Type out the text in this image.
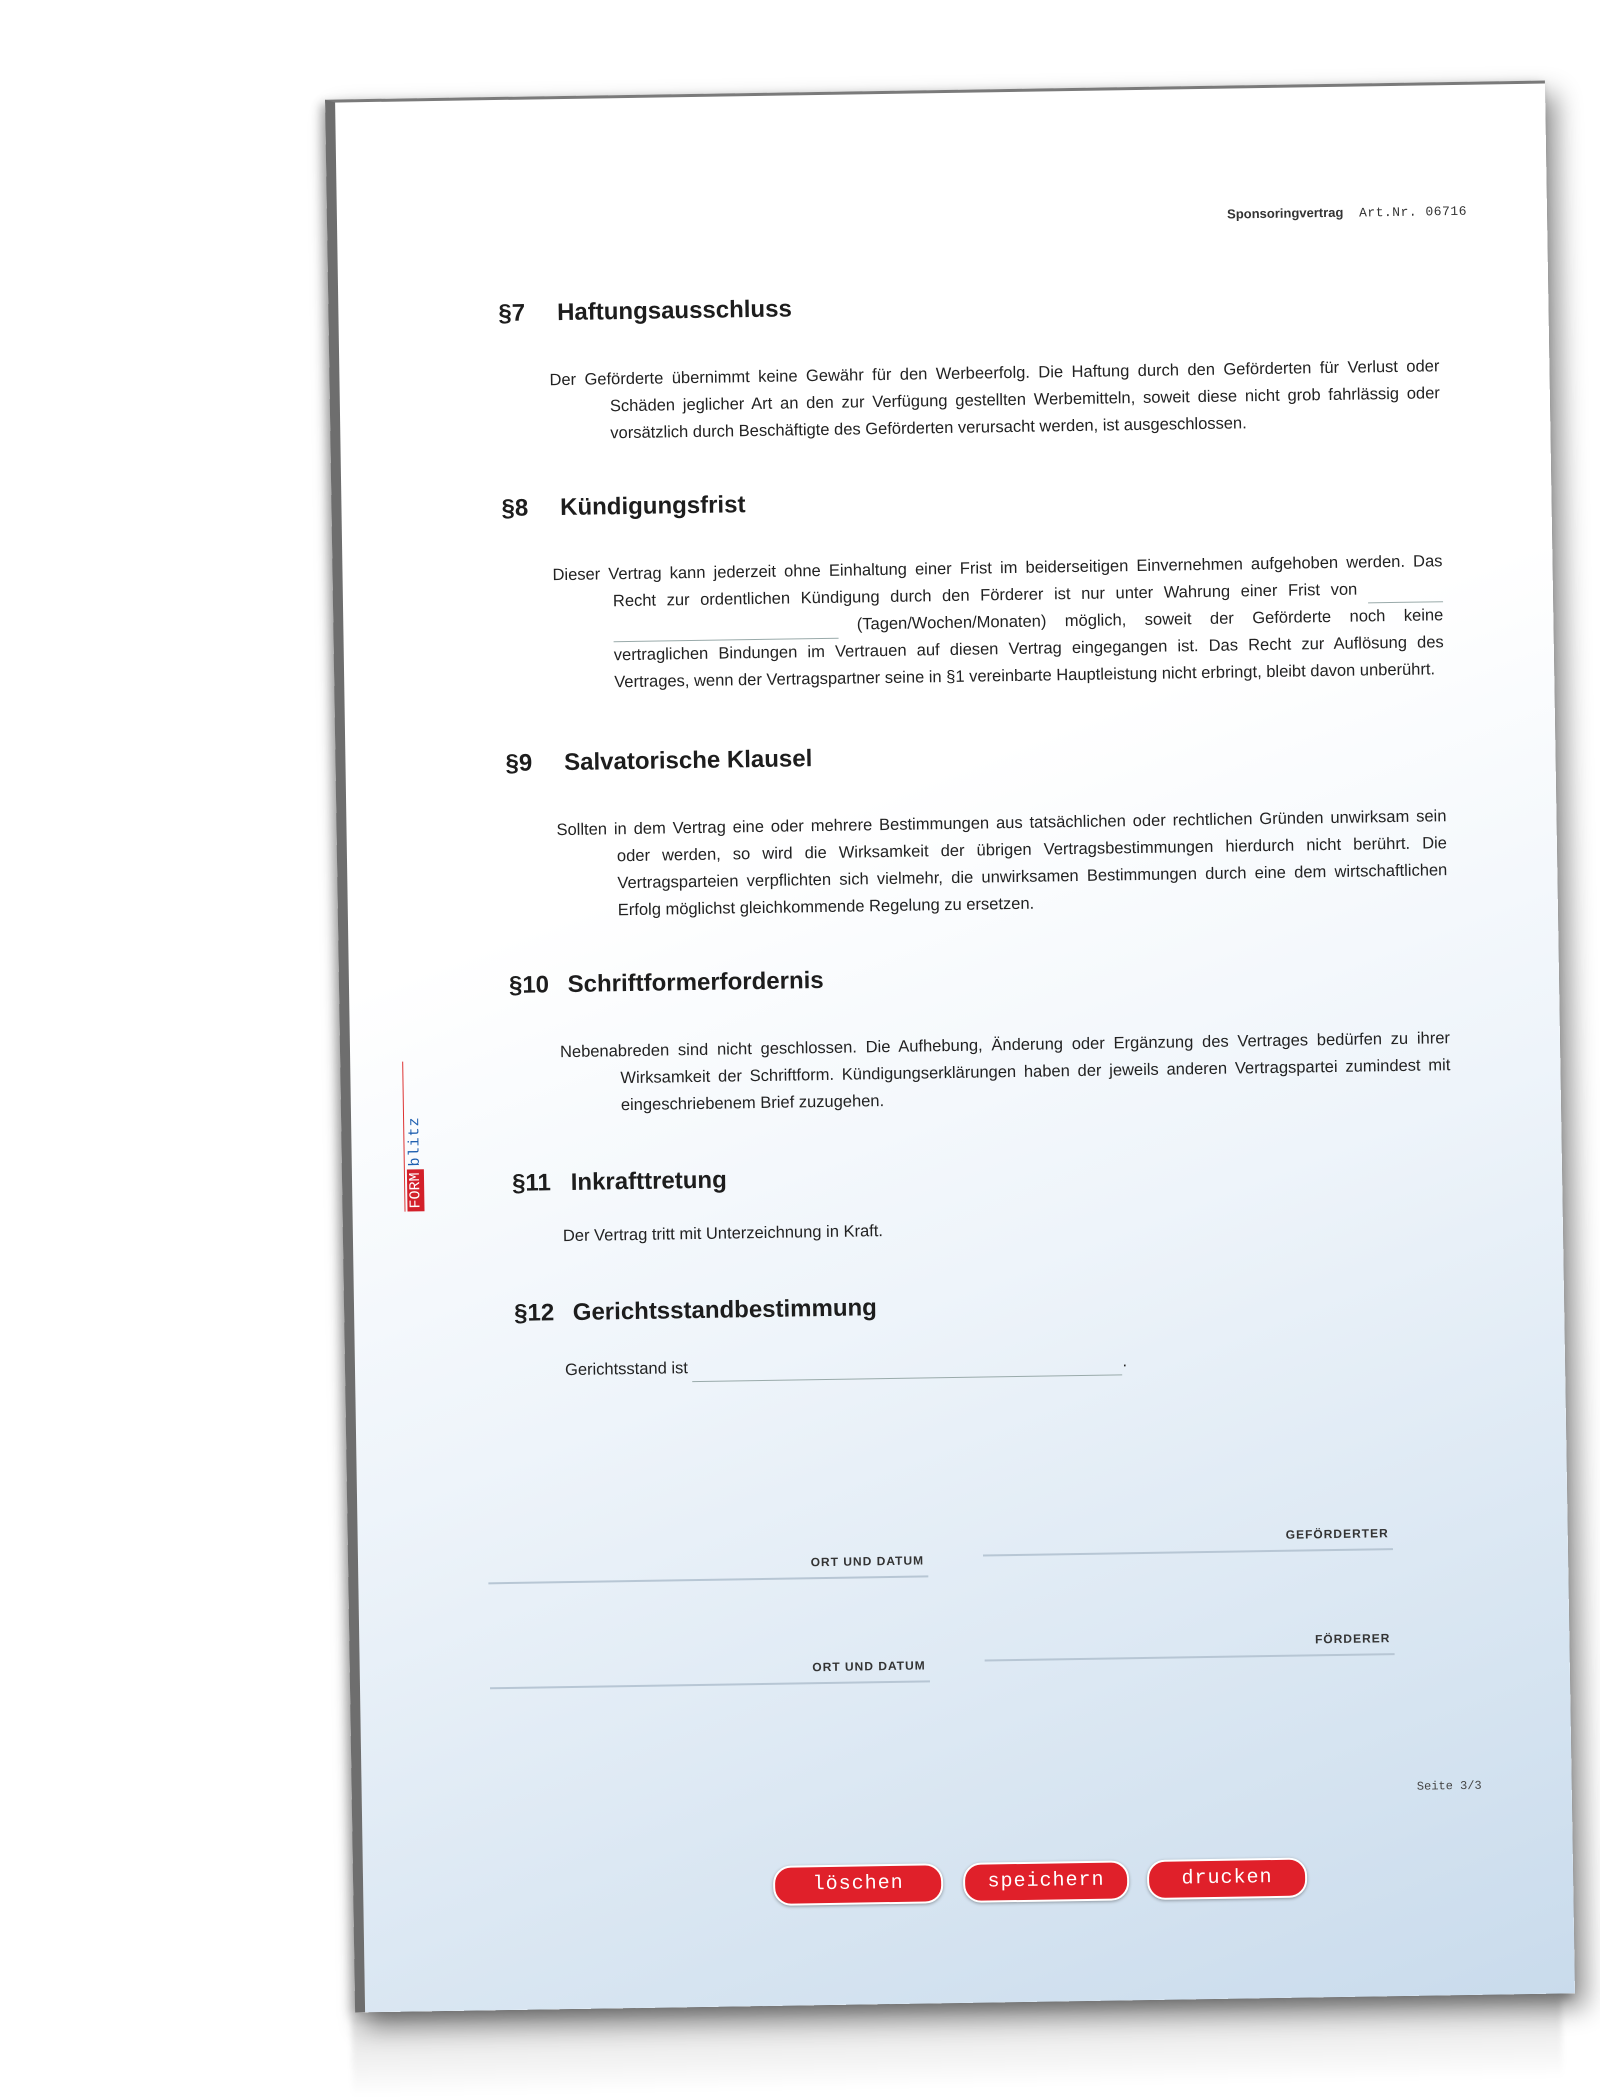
Sponsoringvertrag Art.Nr. 06716
FORMblitz
§7 Haftungsausschluss

Der Geförderte übernimmt keine Gewähr für den Werbeerfolg. Die Haftung durch den Geförderten für Verlust oder Schäden jeglicher Art an den zur Verfügung gestellten Werbemitteln, soweit diese nicht grob fahrlässig oder vorsätzlich durch Beschäftigte des Geförderten verursacht werden, ist ausgeschlossen.

§8 Kündigungsfrist

Dieser Vertrag kann jederzeit ohne Einhaltung einer Frist im beiderseitigen Einvernehmen aufgehoben werden. Das Recht zur ordentlichen Kündigung durch den Förderer ist nur unter Wahrung einer Frist von   (Tagen/Wochen/Monaten) möglich, soweit der Geförderte noch keine vertraglichen Bindungen im Vertrauen auf diesen Vertrag eingegangen ist. Das Recht zur Auflösung des Vertrages, wenn der Vertragspartner seine in §1 vereinbarte Hauptleistung nicht erbringt, bleibt davon unberührt.

§9 Salvatorische Klausel

Sollten in dem Vertrag eine oder mehrere Bestimmungen aus tatsächlichen oder rechtlichen Gründen unwirksam sein oder werden, so wird die Wirksamkeit der übrigen Vertragsbestimmungen hierdurch nicht berührt. Die Vertragsparteien verpflichten sich vielmehr, die unwirksamen Bestimmungen durch eine dem wirtschaftlichen Erfolg möglichst gleichkommende Regelung zu ersetzen.

§10 Schriftformerfordernis

Nebenabreden sind nicht geschlossen. Die Aufhebung, Änderung oder Ergänzung des Vertrages bedürfen zu ihrer Wirksamkeit der Schriftform. Kündigungserklärungen haben der jeweils anderen Vertragspartei zumindest mit eingeschriebenem Brief zuzugehen.

§11 Inkrafttretung

Der Vertrag tritt mit Unterzeichnung in Kraft.

§12 Gerichtsstandbestimmung

Gerichtsstand ist	.

ORT UND DATUM
GEFÖRDERTER
ORT UND DATUM
FÖRDERER
Seite 3/3
löschen	speichern	drucken
